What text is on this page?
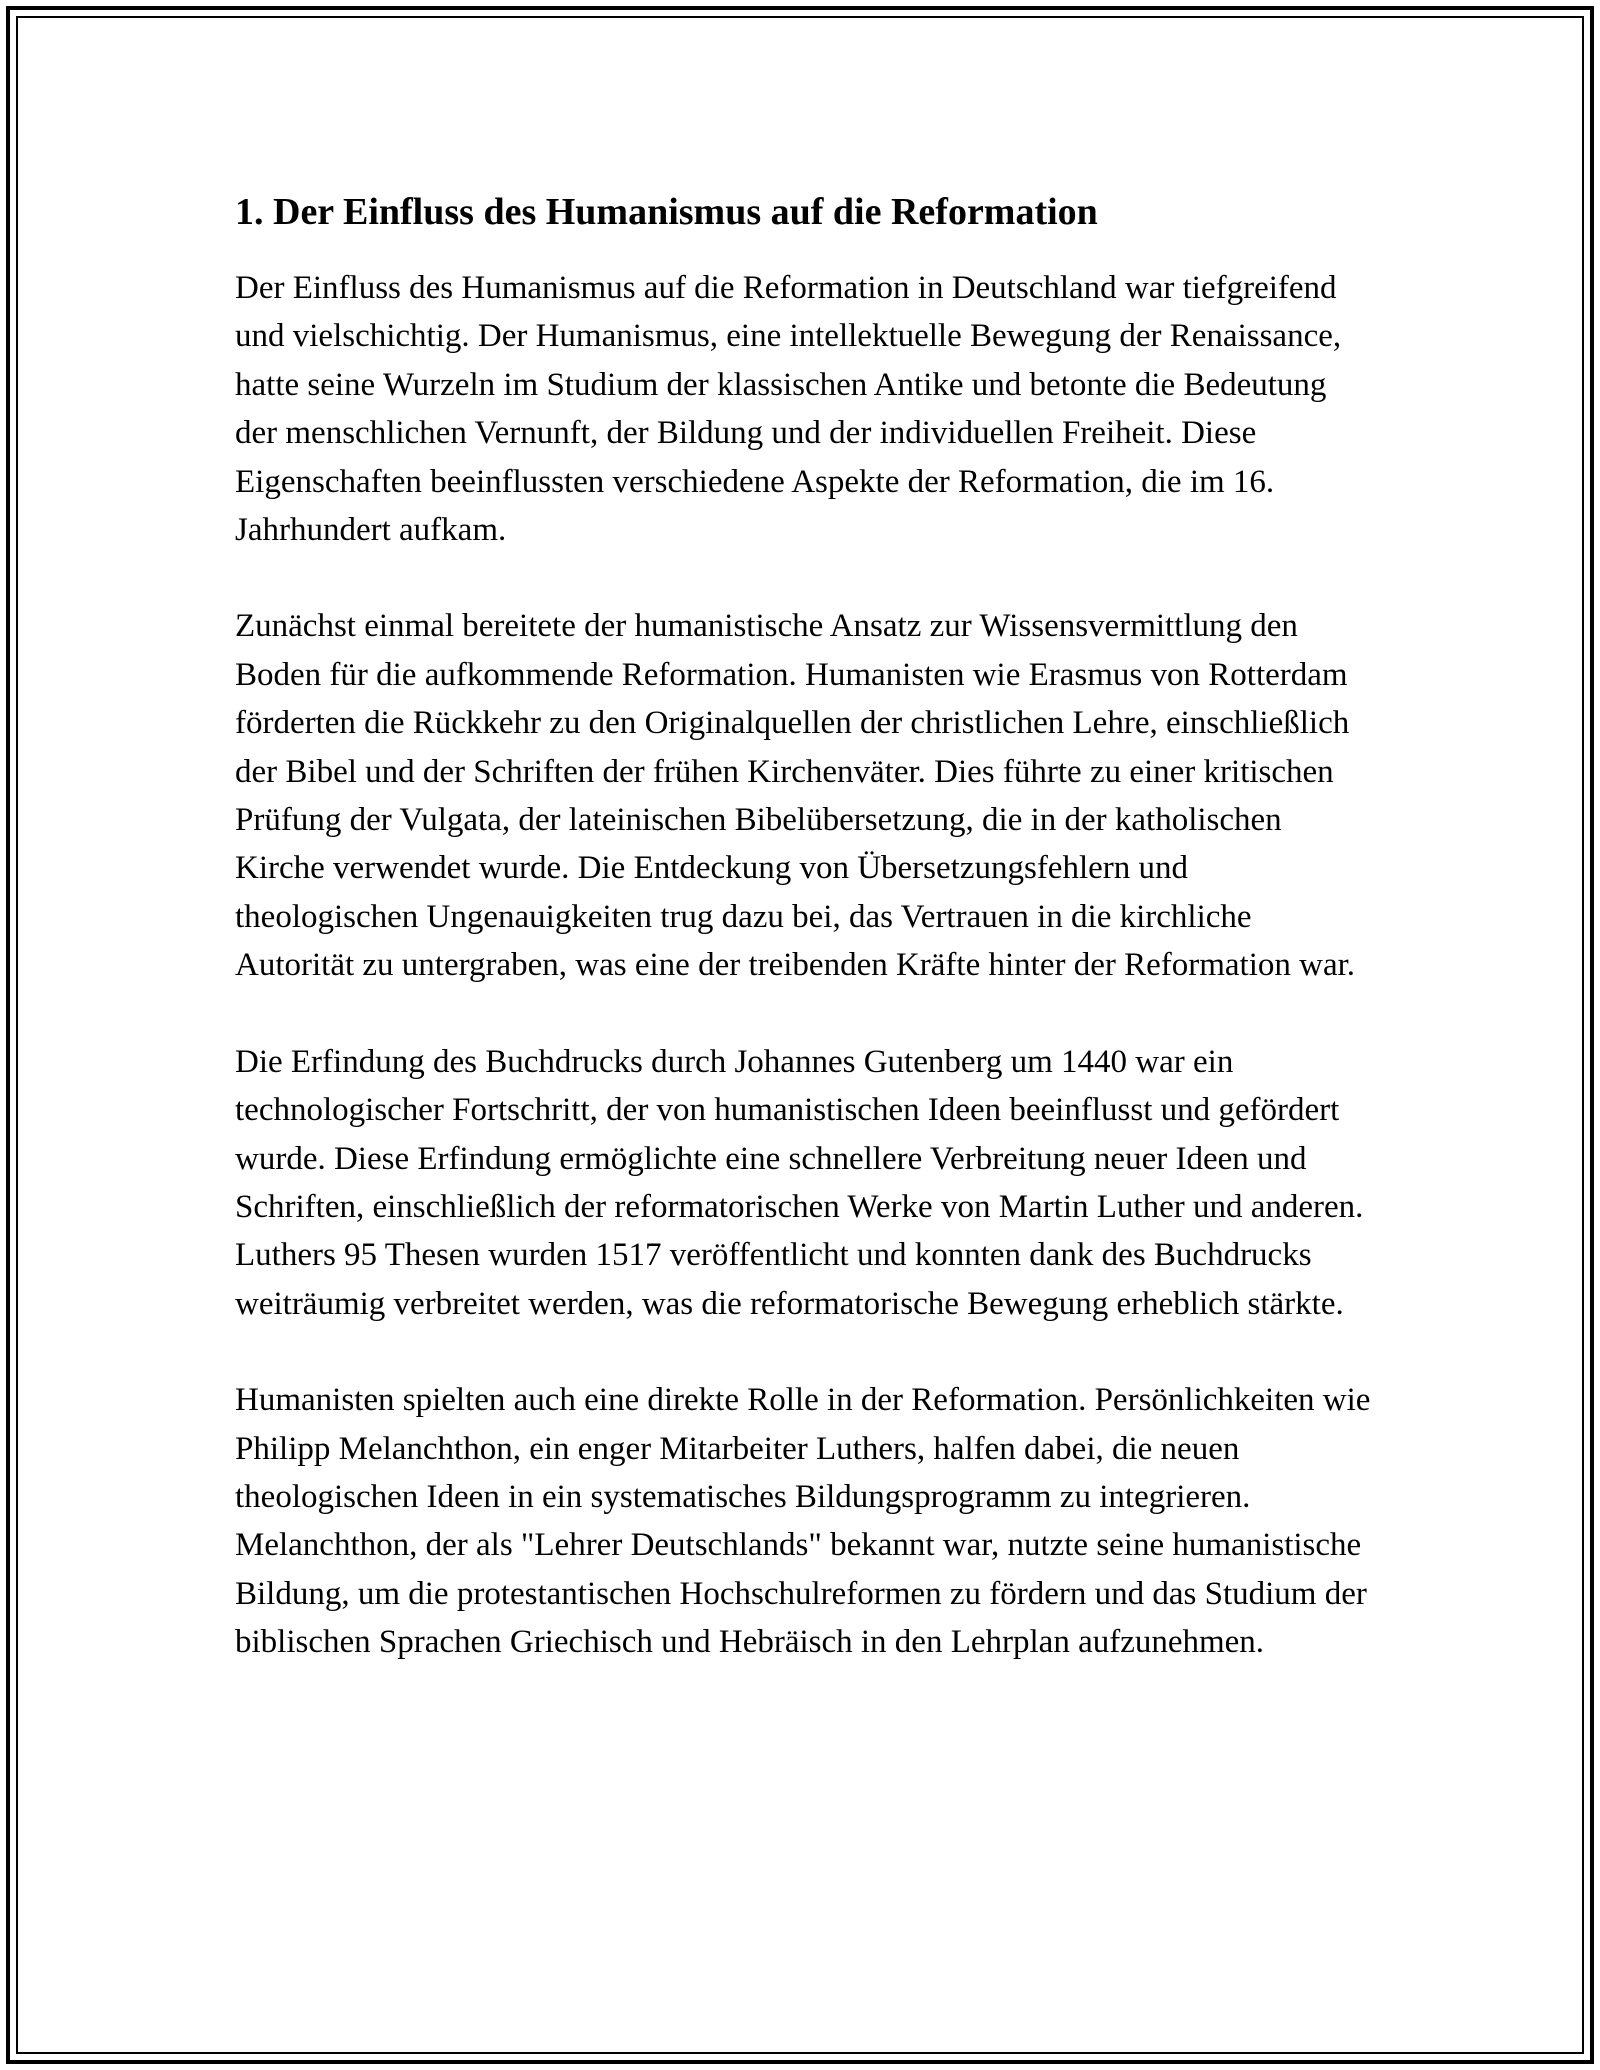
1. Der Einfluss des Humanismus auf die Reformation

Der Einfluss des Humanismus auf die Reformation in Deutschland war tiefgreifend und vielschichtig. Der Humanismus, eine intellektuelle Bewegung der Renaissance, hatte seine Wurzeln im Studium der klassischen Antike und betonte die Bedeutung der menschlichen Vernunft, der Bildung und der individuellen Freiheit. Diese Eigenschaften beeinflussten verschiedene Aspekte der Reformation, die im 16. Jahrhundert aufkam.

Zunächst einmal bereitete der humanistische Ansatz zur Wissensvermittlung den Boden für die aufkommende Reformation. Humanisten wie Erasmus von Rotterdam förderten die Rückkehr zu den Originalquellen der christlichen Lehre, einschließlich der Bibel und der Schriften der frühen Kirchenväter. Dies führte zu einer kritischen Prüfung der Vulgata, der lateinischen Bibelübersetzung, die in der katholischen Kirche verwendet wurde. Die Entdeckung von Übersetzungsfehlern und theologischen Ungenauigkeiten trug dazu bei, das Vertrauen in die kirchliche Autorität zu untergraben, was eine der treibenden Kräfte hinter der Reformation war.

Die Erfindung des Buchdrucks durch Johannes Gutenberg um 1440 war ein technologischer Fortschritt, der von humanistischen Ideen beeinflusst und gefördert wurde. Diese Erfindung ermöglichte eine schnellere Verbreitung neuer Ideen und Schriften, einschließlich der reformatorischen Werke von Martin Luther und anderen. Luthers 95 Thesen wurden 1517 veröffentlicht und konnten dank des Buchdrucks weiträumig verbreitet werden, was die reformatorische Bewegung erheblich stärkte.

Humanisten spielten auch eine direkte Rolle in der Reformation. Persönlichkeiten wie Philipp Melanchthon, ein enger Mitarbeiter Luthers, halfen dabei, die neuen theologischen Ideen in ein systematisches Bildungsprogramm zu integrieren. Melanchthon, der als "Lehrer Deutschlands" bekannt war, nutzte seine humanistische Bildung, um die protestantischen Hochschulreformen zu fördern und das Studium der biblischen Sprachen Griechisch und Hebräisch in den Lehrplan aufzunehmen.
